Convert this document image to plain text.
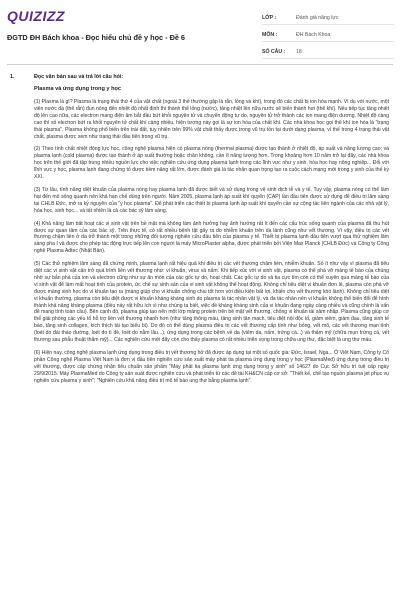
QUIZIZZ
ĐGTD ĐH Bách khoa - Đọc hiểu chủ đề y học - Đề 6
LỚP :	Đánh giá năng lực
MÔN :	ĐH Bách Khoa
SỐ CÂU :	18
1.	Đọc văn bản sau và trả lời câu hỏi:
Plasma và ứng dụng trong y học

(1) Plasma là gì? Plasma là trạng thái thứ 4 của vật chất (ngoài 3 thể thường gặp là rắn, lỏng và khí), trong đó các chất bị ion hóa mạnh. Ví dụ với nước, một viên nước đá (thể rắn) đun nóng đến nhiệt độ nhất định thì thành thể lỏng (nước), tăng nhiệt lên nữa nước sẽ biến thành hơi (thể khí). Nếu tiếp tục tăng nhiệt độ lên cao nữa, các electron mang điện âm bắt đầu bứt khỏi nguyên tử và chuyển động tự do, nguyên tử trở thành các ion mang điện dương. Nhiệt độ càng cao thì số electron bứt ra khỏi nguyên tử chất khí càng nhiều, hiện tượng này gọi là sự ion hóa của chất khí. Các nhà khoa học gọi thể khí ion hóa là "trạng thái plasma". Plasma không phổ biến trên trái đất, tuy nhiên trên 99% vật chất thấy được trong vũ trụ tồn tại dưới dạng plasma, vì thế trong 4 trạng thái vật chất, plasma được xem như trạng thái đầu tiên trong vũ trụ.

(2) Theo tính chất nhiệt động lực học, công nghệ plasma hiện có plasma nóng (thermal plasma) được tạo thành ở nhiệt độ, áp suất và năng lượng cao; và plasma lạnh (cold plasma) được tạo thành ở áp suất thường hoặc chân không, cần ít năng lượng hơn. Trong khoảng hơn 10 năm trở lại đây, các nhà khoa học trên thế giới đã tập trung nhiều nguồn lực cho việc nghiên cứu ứng dụng plasma lạnh trong các lĩnh vực như y sinh, hóa học hay nông nghiệp... Đối với lĩnh vực y học, plasma lạnh đang chứng tỏ được tiềm năng rất lớn, được đánh giá là tác nhân quan trọng tạo ra cuộc cách mạng mới trong y sinh của thế kỷ XXI.

(3) Từ lâu, tính năng diệt khuẩn của plasma nóng hay plasma lạnh đã được biết và sử dụng trong vệ sinh dịch tễ và y tế. Tuy vậy, plasma nóng có thể làm hại đến mô sống quanh nên khả hạn chế dùng trên người. Năm 2005, plasma lạnh áp suất khí quyển (CAP) lần đầu tiên được sử dụng để điều trị lâm sàng tại CHLB Đức, mở ra kỷ nguyên của "y học plasma". Để phát triển các thiết bị plasma lạnh áp suất khí quyển cần sự cộng tác liên ngành của các nhà vật lý, hóa học, sinh học... và tất nhiên là cả các bác sỹ lâm sàng.

(4) Khả năng làm bất hoạt các vi sinh vật trên bề mặt mà không làm ảnh hưởng hay ảnh hưởng rất ít đến các cấu trúc sống quanh của plasma đã thu hút được sự quan tâm của các bác sỹ. Trên thực tế, có rất nhiều bệnh tật gây ra do nhiễm khuẩn trên da lành cũng như vết thương. Vì vậy, điều trị các vết thương chậm liền ở da trở thành một trong những đối tượng nghiên cứu đầu tiên của plasma y tế. Thiết bị plasma lạnh đầu tiên vượt qua thử nghiệm lâm sàng pha I và được cho phép tác động trực tiếp lên con người là máy MicroPlaster alpha, được phát triển bởi Viện Max Planck (CHLB Đức) và Công ty Công nghệ Plasma Adtec (Nhật Bản).

(5) Các thử nghiệm lâm sàng đã chứng minh, plasma lạnh rất hiệu quả khi điều trị các vết thương chậm liền, nhiễm khuẩn. Số ít như vậy vì plasma đã tiêu diệt các vi sinh vật cản trở quá trình liền vết thương như: vi khuẩn, virus và nấm. Khi tiếp xúc với vi sinh vật, plasma có thể phá vỡ màng tế bào của chúng nhờ sự bắn phá của ion và electron cũng như sự ăn mòn của các gốc tự do, hoạt chất. Các gốc tự do và tia cực tím còn có thể xuyên qua màng tế bào của vi sinh vật để làm mất hoạt tính của protein, ức chế sự sinh sản của vi sinh vật không thể hoạt động. Không chỉ tiêu diệt vi khuẩn đơn lẻ, plasma còn phá vỡ được màng sinh học do vi khuẩn tạo ra (màng giúp cho vi khuẩn chống chịu tốt hơn với điều kiện bất lợi, khiến cho vết thương khó lành). Không chỉ tiêu diệt vi khuẩn thường, plasma còn tiêu diệt được vi khuẩn kháng kháng sinh do plasma là tác nhân vật lý, và đa tác nhân nên vi khuẩn không thể biến đổi để hình thành khả năng kháng plasma (điều này rất hữu ích vì như chúng ta biết, việc đề kháng kháng sinh của vi khuẩn đang ngày càng nhiều và cũng chính là vấn đề mang tính toàn cầu). Bên cạnh đó, plasma giúp tạo nên một lớp màng protein trên bề mặt vết thương, chống vi khuẩn tái xâm nhập. Plasma cũng giúp cơ thể giải phóng các yếu tố hỗ trợ liền vết thương nhanh hơn (như tăng thông máu, tăng sinh tân mạch, tiêu diệt nội độc tố, giảm viêm, giảm đau, tăng sinh tế bào, tăng sinh collagen, kích thích tái tạo biểu bì). Do đó có thể dùng plasma điều trị các vết thương cấp tính như bỏng, vết mổ, các vết thương mạn tính (loét do đái tháo đường, loét do tì đè, loét do nằm lâu...), ứng dụng trong các bệnh về da (viêm da, nấm, trứng cá...) và thẩm mỹ (chữa mụn trứng cá, vết thương sau phẫu thuật thẩm mỹ)... Các nghiên cứu mới đây còn cho thấy plasma có rất nhiều triển vọng trong chữa ung thư, đặc biệt là ung thư máu.

(6) Hiện nay, công nghệ plasma lạnh ứng dụng trong điều trị vết thương hở đã được áp dụng tại một số quốc gia: Đức, Israel, Nga... Ở Việt Nam, Công ty Cổ phần Công nghệ Plasma Việt Nam là đơn vị đầu tiên nghiên cứu sản xuất máy phát tia plasma ứng dụng trong y học (PlasmaMed) ứng dụng trong điều trị vết thương, được cấp chứng nhận tiêu chuẩn sản phẩm "Máy phát tia plasma lạnh ứng dụng trong y sinh" số 14627 do Cục Sở hữu trí tuệ cấp ngày 29/9/2015. Máy PlasmaMed do Công ty sản xuất được nghiên cứu và phát triển từ các đề tài KH&CN cấp cơ sở: "Thiết kế, chế tạo nguồn plasma jet phục vụ nghiên cứu plasma y sinh"; "Nghiên cứu khả năng điều trị mô tế bào ung thư bằng plasma lạnh".
